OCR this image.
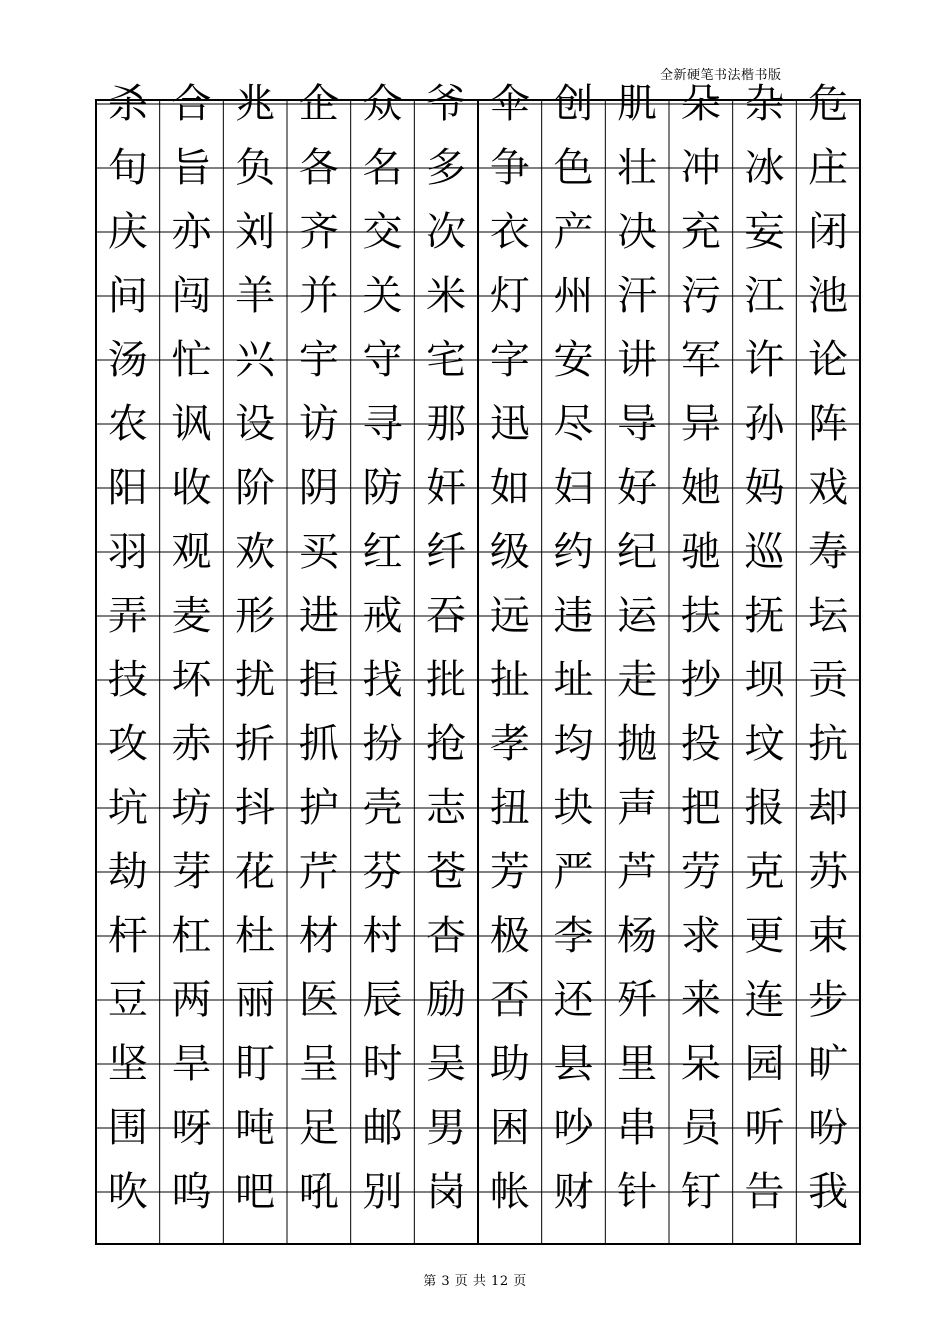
全新硬笔书法楷书版
杀 合 兆 企 众 爷 伞 创 肌 朵 杂 危
旬 旨 负 各 名 多 争 色 壮 冲 冰 庄
庆 亦 刘 齐 交 次 衣 产 决 充 妄 闭
问 闯 羊 并 关 米 灯 州 汗 污 江 池
汤 忙 兴 宇 守 宅 字 安 讲 军 许 论
农 讽 设 访 寻 那 迅 尽 导 异 孙 阵
阳 收 阶 阴 防 奸 如 妇 好 她 妈 戏
羽 观 欢 买 红 纤 级 约 纪 驰 巡 寿
弄 麦 形 进 戒 吞 远 违 运 扶 抚 坛
技 坏 扰 拒 找 批 扯 址 走 抄 坝 贡
攻 赤 折 抓 扮 抢 孝 均 抛 投 坟 抗
坑 坊 抖 护 壳 志 扭 块 声 把 报 却
劫 芽 花 芹 芬 苍 芳 严 芦 劳 克 苏
杆 杠 杜 材 村 杏 极 李 杨 求 更 束
豆 两 丽 医 辰 励 否 还 歼 来 连 步
坚 旱 盯 呈 时 吴 助 县 里 呆 园 旷
围 呀 吨 足 邮 男 困 吵 串 员 听 吩
吹 呜 吧 吼 别 岗 帐 财 针 钉 告 我
第 3 页 共 12 页
